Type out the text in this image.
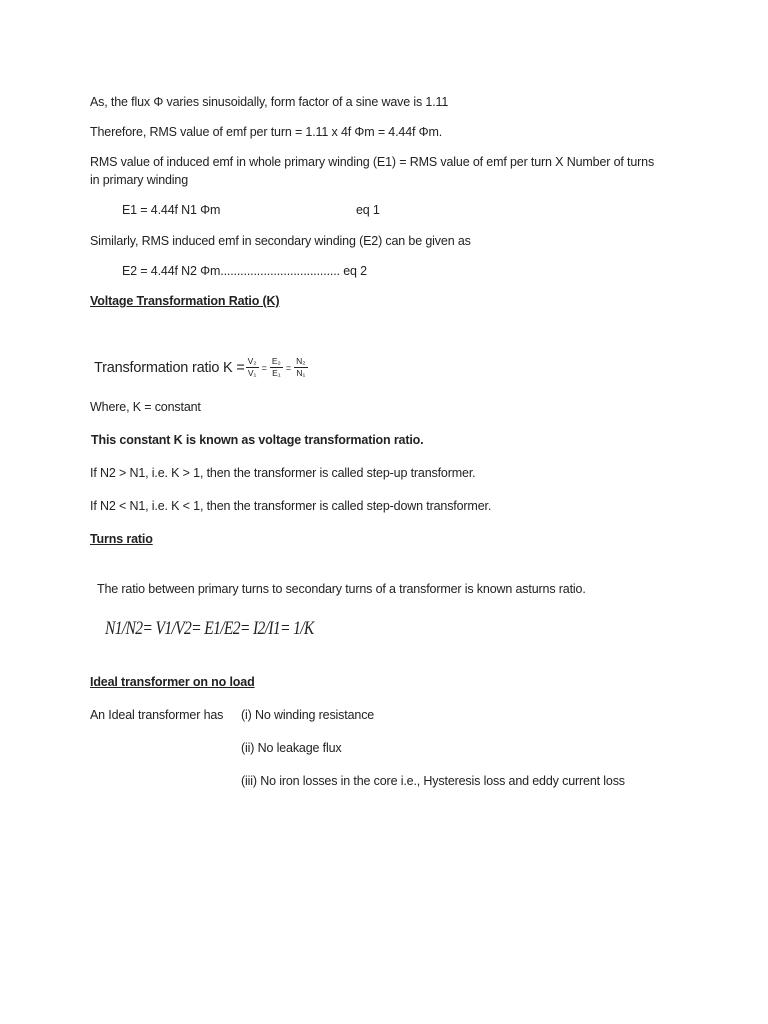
As, the flux Φ varies sinusoidally, form factor of a sine wave is 1.11
Therefore, RMS value of emf per turn = 1.11 x 4f Φm = 4.44f Φm.
RMS value of induced emf in whole primary winding (E1) = RMS value of emf per turn X Number of turns
in primary winding
E1 = 4.44f N1 Φm	eq 1
Similarly, RMS induced emf in secondary winding (E2) can be given as
E2 = 4.44f N2 Φm.................................... eq 2
Voltage Transformation Ratio (K)
Transformation ratio $K = \frac{\text{V₂}}{\text{V₁}} = \frac{\text{E₂}}{\text{E₁}} = \frac{\text{N₂}}{\text{N₁}}$
Where, K = constant
This constant K is known as voltage transformation ratio.
If N2 > N1, i.e. K > 1, then the transformer is called step-up transformer.
If N2 < N1, i.e. K < 1, then the transformer is called step-down transformer.
Turns ratio
The ratio between primary turns to secondary turns of a transformer is known asturns ratio.
N1/N2= V1/V2= E1/E2= I2/I1= 1/K
Ideal transformer on no load
An Ideal transformer has (i) No winding resistance
(ii) No leakage flux
(iii) No iron losses in the core i.e., Hysteresis loss and eddy current loss
